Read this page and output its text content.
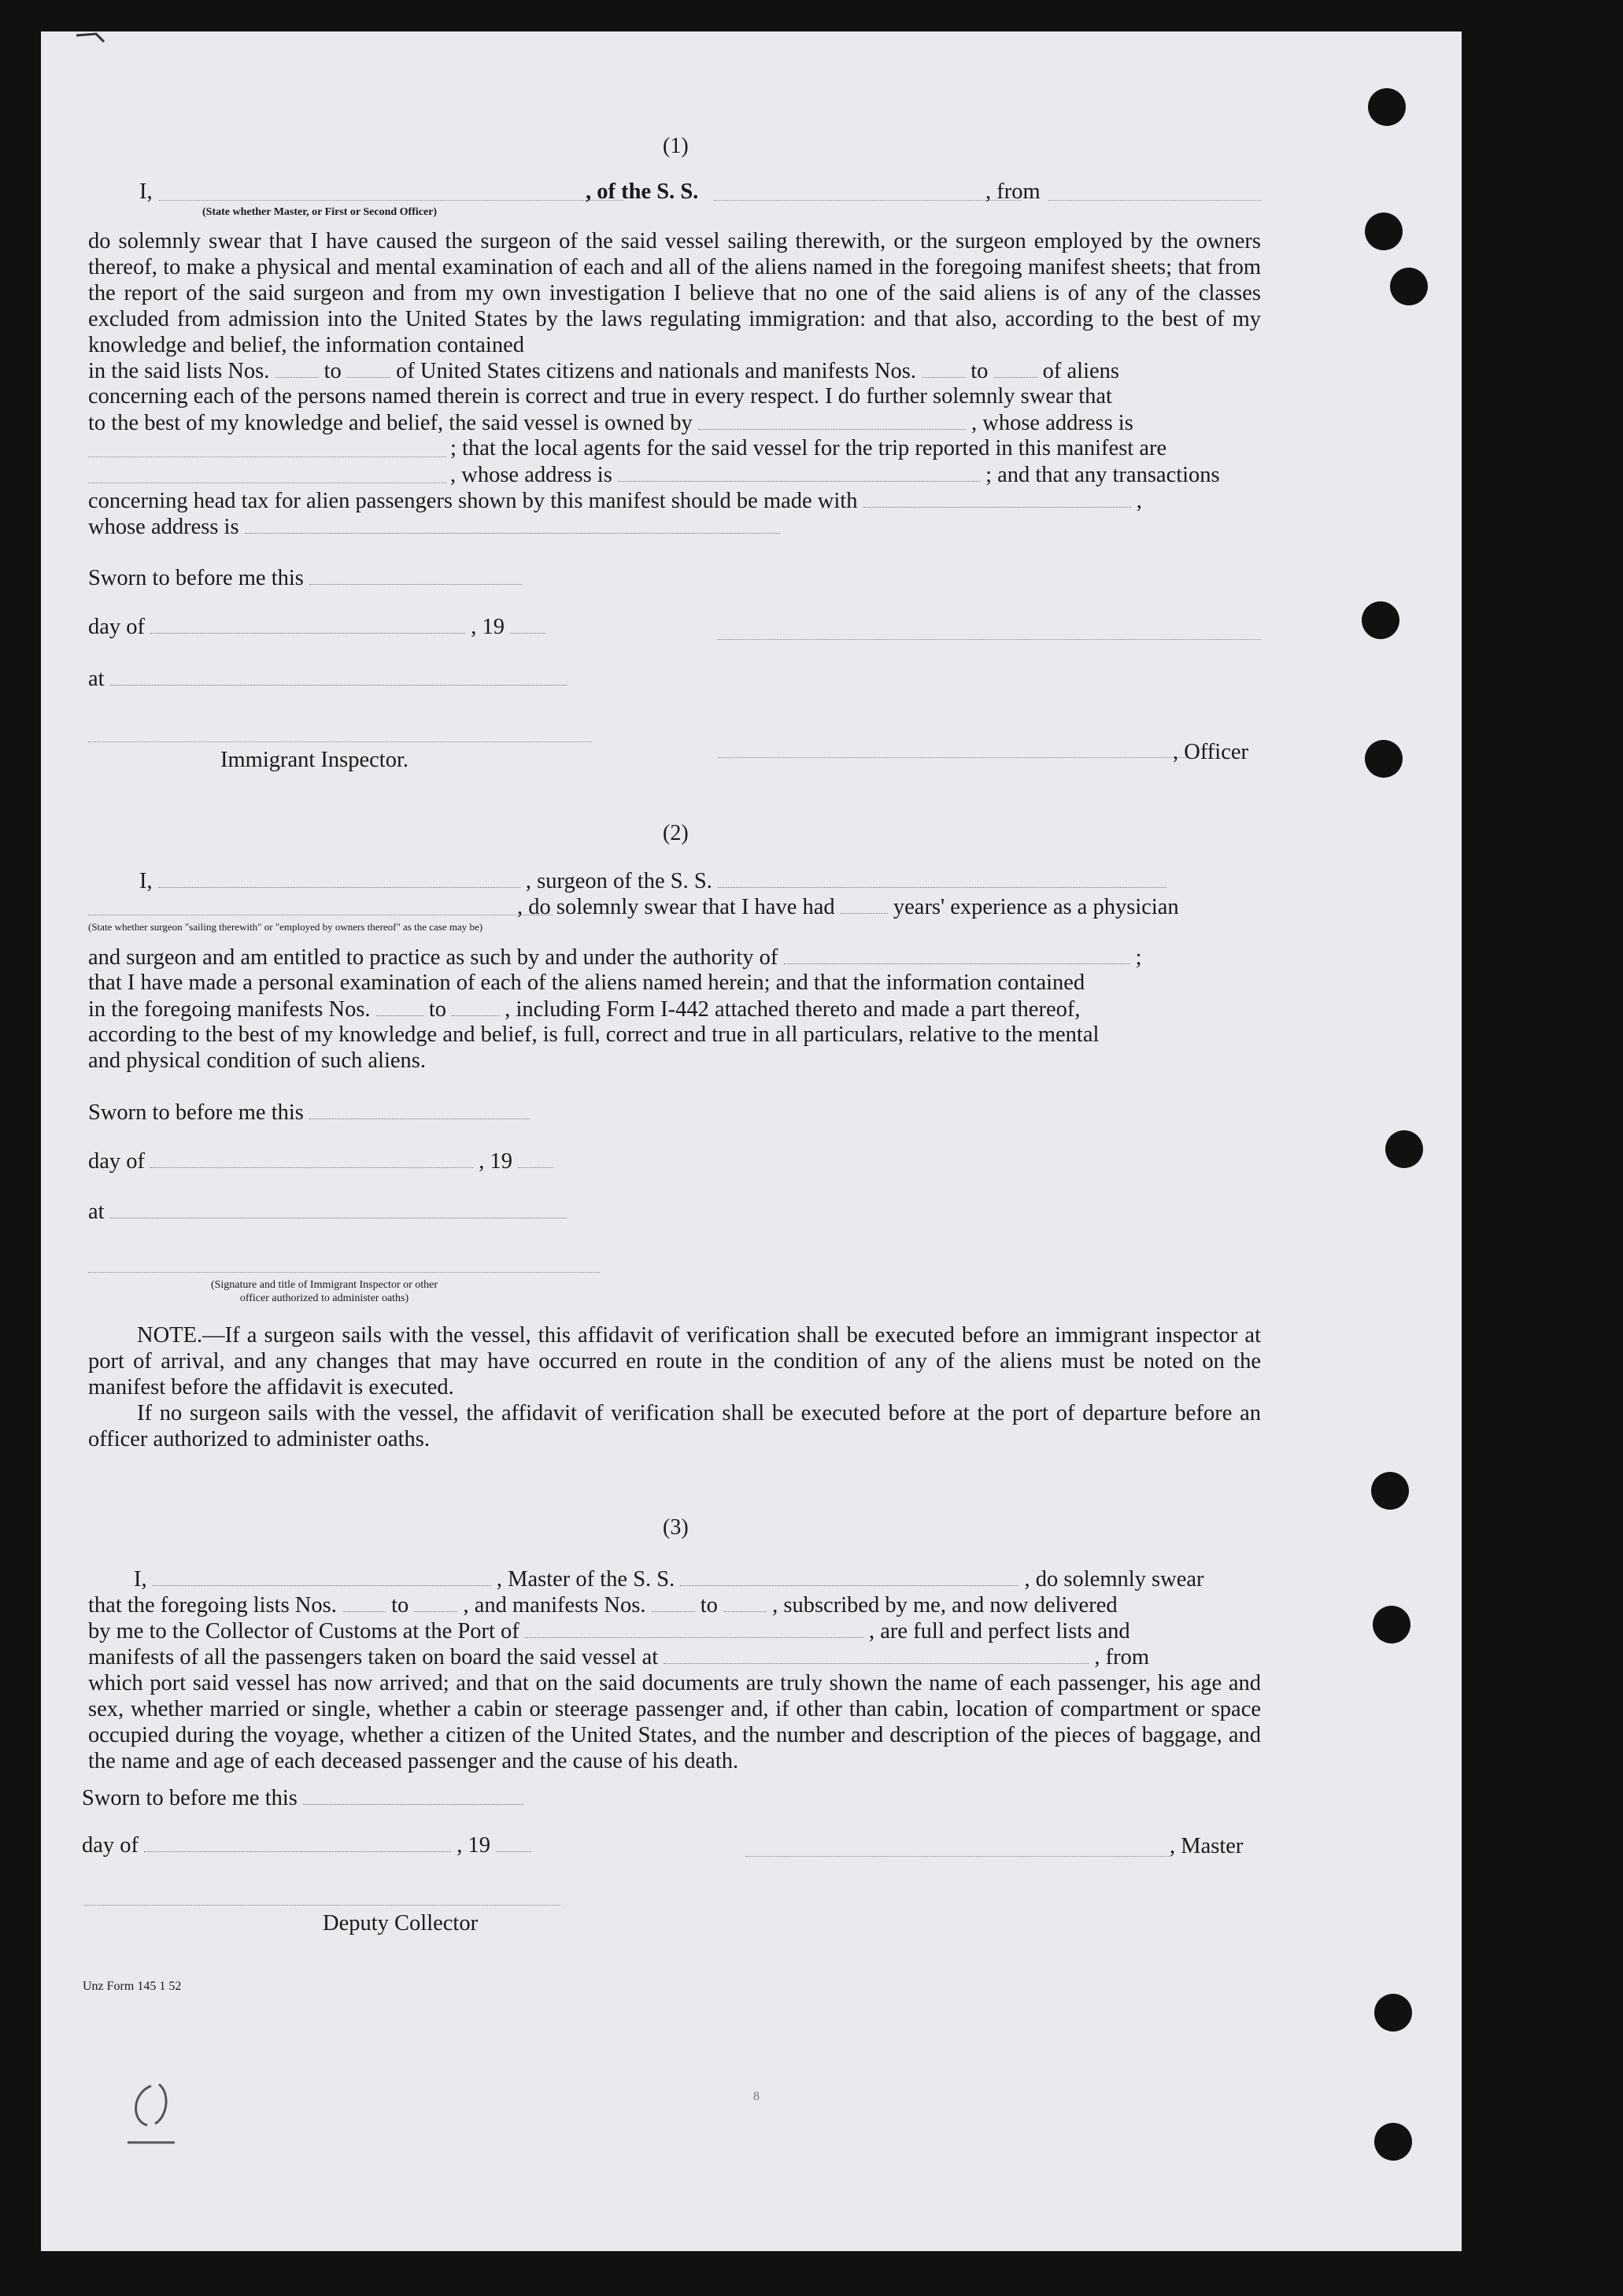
(1)
I,	, of the S. S.	, from
(State whether Master, or First or Second Officer)
do solemnly swear that I have caused the surgeon of the said vessel sailing therewith, or the surgeon employed by the owners thereof, to make a physical and mental examination of each and all of the aliens named in the foregoing manifest sheets; that from the report of the said surgeon and from my own investigation I believe that no one of the said aliens is of any of the classes excluded from admission into the United States by the laws regulating immigration: and that also, according to the best of my knowledge and belief, the information contained
in the said lists Nos. to of United States citizens and nationals and manifests Nos. to of aliens
concerning each of the persons named therein is correct and true in every respect. I do further solemnly swear that
to the best of my knowledge and belief, the said vessel is owned by	, whose address is
; that the local agents for the said vessel for the trip reported in this manifest are
, whose address is	; and that any transactions
concerning head tax for alien passengers shown by this manifest should be made with	,
whose address is
Sworn to before me this
day of	, 19
at
Immigrant Inspector.	, Officer
(2)
I,	, surgeon of the S. S.
, do solemnly swear that I have had	years' experience as a physician
(State whether surgeon "sailing therewith" or "employed by owners thereof" as the case may be)
and surgeon and am entitled to practice as such by and under the authority of	;
that I have made a personal examination of each of the aliens named herein; and that the information contained
in the foregoing manifests Nos.	to	, including Form I-442 attached thereto and made a part thereof,
according to the best of my knowledge and belief, is full, correct and true in all particulars, relative to the mental
and physical condition of such aliens.
Sworn to before me this
day of	, 19
at
(Signature and title of Immigrant Inspector or other
officer authorized to administer oaths)
NOTE.—If a surgeon sails with the vessel, this affidavit of verification shall be executed before an immigrant inspector at port of arrival, and any changes that may have occurred en route in the condition of any of the aliens must be noted on the manifest before the affidavit is executed.
If no surgeon sails with the vessel, the affidavit of verification shall be executed before at the port of departure before an officer authorized to administer oaths.
(3)
I,	, Master of the S. S.	, do solemnly swear
that the foregoing lists Nos. to , and manifests Nos. to , subscribed by me, and now delivered
by me to the Collector of Customs at the Port of	, are full and perfect lists and
manifests of all the passengers taken on board the said vessel at	, from
which port said vessel has now arrived; and that on the said documents are truly shown the name of each passenger, his age and sex, whether married or single, whether a cabin or steerage passenger and, if other than cabin, location of compartment or space occupied during the voyage, whether a citizen of the United States, and the number and description of the pieces of baggage, and the name and age of each deceased passenger and the cause of his death.
Sworn to before me this
day of	, 19	, Master
Deputy Collector
Unz Form 145 1 52
8
